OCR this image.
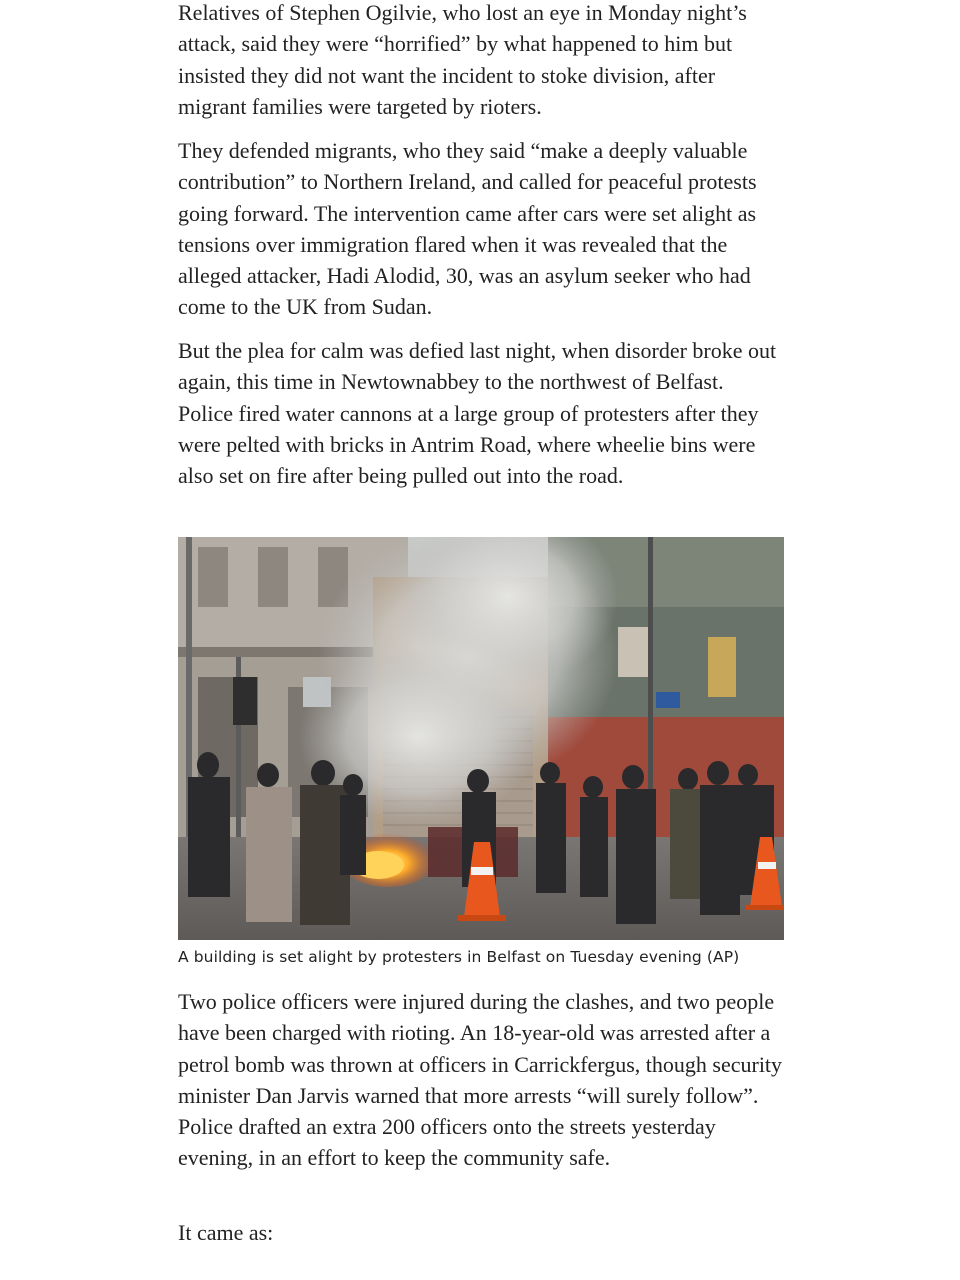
Relatives of Stephen Ogilvie, who lost an eye in Monday night’s attack, said they were “horrified” by what happened to him but insisted they did not want the incident to stoke division, after migrant families were targeted by rioters.

They defended migrants, who they said “make a deeply valuable contribution” to Northern Ireland, and called for peaceful protests going forward. The intervention came after cars were set alight as tensions over immigration flared when it was revealed that the alleged attacker, Hadi Alodid, 30, was an asylum seeker who had come to the UK from Sudan.

But the plea for calm was defied last night, when disorder broke out again, this time in Newtownabbey to the northwest of Belfast. Police fired water cannons at a large group of protesters after they were pelted with bricks in Antrim Road, where wheelie bins were also set on fire after being pulled out into the road.

A building is set alight by protesters in Belfast on Tuesday evening (AP)

Two police officers were injured during the clashes, and two people have been charged with rioting. An 18-year-old was arrested after a petrol bomb was thrown at officers in Carrickfergus, though security minister Dan Jarvis warned that more arrests “will surely follow”. Police drafted an extra 200 officers onto the streets yesterday evening, in an effort to keep the community safe.

It came as:
